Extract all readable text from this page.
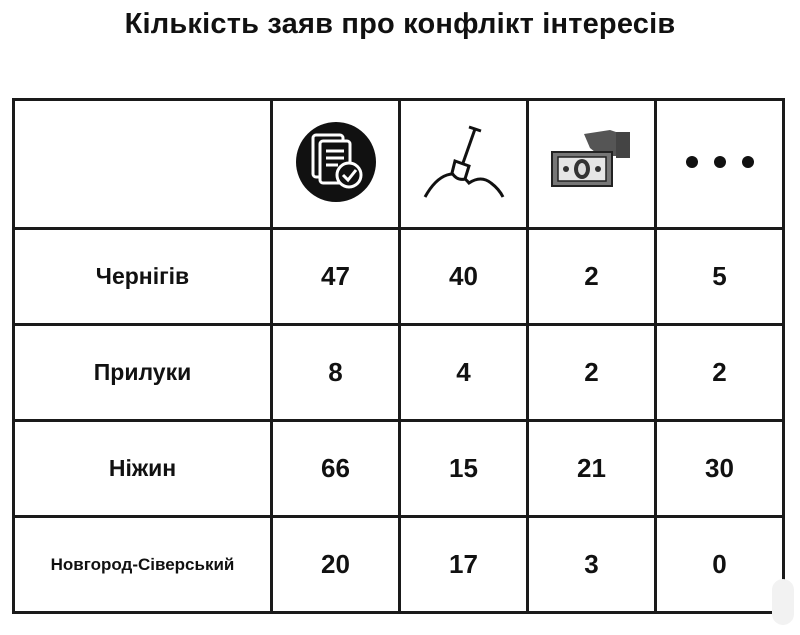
Кількість заяв про конфлікт інтересів

Чернігів	47	40	2	5
Прилуки	8	4	2	2
Ніжин	66	15	21	30
Новгород-Сіверський	20	17	3	0
